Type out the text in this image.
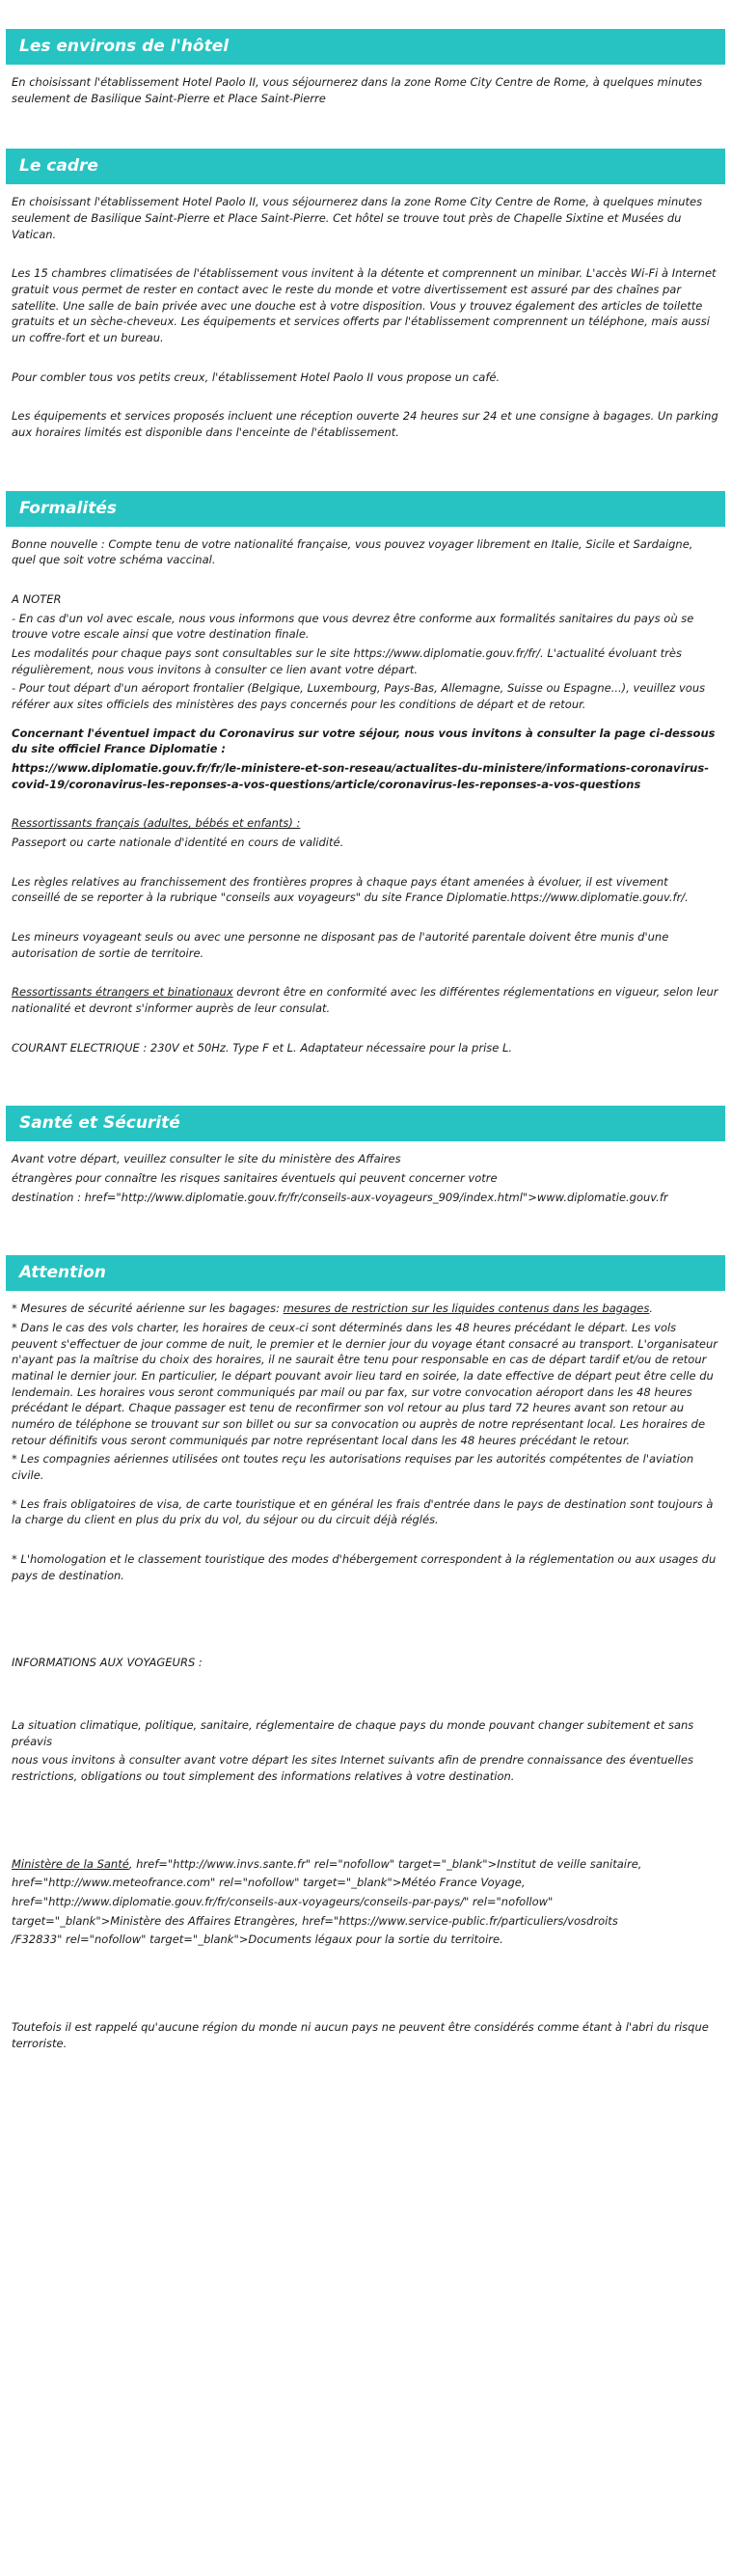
Les environs de l'hôtel

En choisissant l'établissement Hotel Paolo II, vous séjournerez dans la zone Rome City Centre de Rome, à quelques minutes seulement de Basilique Saint-Pierre et Place Saint-Pierre

Le cadre

En choisissant l'établissement Hotel Paolo II, vous séjournerez dans la zone Rome City Centre de Rome, à quelques minutes seulement de Basilique Saint-Pierre et Place Saint-Pierre. Cet hôtel se trouve tout près de Chapelle Sixtine et Musées du Vatican.

Les 15 chambres climatisées de l'établissement vous invitent à la détente et comprennent un minibar. L'accès Wi-Fi à Internet gratuit vous permet de rester en contact avec le reste du monde et votre divertissement est assuré par des chaînes par satellite. Une salle de bain privée avec une douche est à votre disposition. Vous y trouvez également des articles de toilette gratuits et un sèche-cheveux. Les équipements et services offerts par l'établissement comprennent un téléphone, mais aussi un coffre-fort et un bureau.

Pour combler tous vos petits creux, l'établissement Hotel Paolo II vous propose un café.

Les équipements et services proposés incluent une réception ouverte 24 heures sur 24 et une consigne à bagages. Un parking aux horaires limités est disponible dans l'enceinte de l'établissement.

Formalités

Bonne nouvelle : Compte tenu de votre nationalité française, vous pouvez voyager librement en Italie, Sicile et Sardaigne, quel que soit votre schéma vaccinal.

A NOTER

- En cas d'un vol avec escale, nous vous informons que vous devrez être conforme aux formalités sanitaires du pays où se trouve votre escale ainsi que votre destination finale.

Les modalités pour chaque pays sont consultables sur le site https://www.diplomatie.gouv.fr/fr/. L'actualité évoluant très régulièrement, nous vous invitons à consulter ce lien avant votre départ.

- Pour tout départ d'un aéroport frontalier (Belgique, Luxembourg, Pays-Bas, Allemagne, Suisse ou Espagne...), veuillez vous référer aux sites officiels des ministères des pays concernés pour les conditions de départ et de retour.

Concernant l'éventuel impact du Coronavirus sur votre séjour, nous vous invitons à consulter la page ci-dessous du site officiel France Diplomatie :

https://www.diplomatie.gouv.fr/fr/le-ministere-et-son-reseau/actualites-du-ministere/informations-coronavirus-covid-19/coronavirus-les-reponses-a-vos-questions/article/coronavirus-les-reponses-a-vos-questions

Ressortissants français (adultes, bébés et enfants) :

Passeport ou carte nationale d'identité en cours de validité.

Les règles relatives au franchissement des frontières propres à chaque pays étant amenées à évoluer, il est vivement conseillé de se reporter à la rubrique "conseils aux voyageurs" du site France Diplomatie.https://www.diplomatie.gouv.fr/.

Les mineurs voyageant seuls ou avec une personne ne disposant pas de l'autorité parentale doivent être munis d'une autorisation de sortie de territoire.

Ressortissants étrangers et binationaux devront être en conformité avec les différentes réglementations en vigueur, selon leur nationalité et devront s'informer auprès de leur consulat.

COURANT ELECTRIQUE : 230V et 50Hz. Type F et L. Adaptateur nécessaire pour la prise L.

Santé et Sécurité

Avant votre départ, veuillez consulter le site du ministère des Affaires

étrangères pour connaître les risques sanitaires éventuels qui peuvent concerner votre

destination : href="http://www.diplomatie.gouv.fr/fr/conseils-aux-voyageurs_909/index.html">www.diplomatie.gouv.fr

Attention

* Mesures de sécurité aérienne sur les bagages: mesures de restriction sur les liquides contenus dans les bagages.

* Dans le cas des vols charter, les horaires de ceux-ci sont déterminés dans les 48 heures précédant le départ. Les vols peuvent s'effectuer de jour comme de nuit, le premier et le dernier jour du voyage étant consacré au transport. L'organisateur n'ayant pas la maîtrise du choix des horaires, il ne saurait être tenu pour responsable en cas de départ tardif et/ou de retour matinal le dernier jour. En particulier, le départ pouvant avoir lieu tard en soirée, la date effective de départ peut être celle du lendemain. Les horaires vous seront communiqués par mail ou par fax, sur votre convocation aéroport dans les 48 heures précédant le départ. Chaque passager est tenu de reconfirmer son vol retour au plus tard 72 heures avant son retour au numéro de téléphone se trouvant sur son billet ou sur sa convocation ou auprès de notre représentant local. Les horaires de retour définitifs vous seront communiqués par notre représentant local dans les 48 heures précédant le retour.

* Les compagnies aériennes utilisées ont toutes reçu les autorisations requises par les autorités compétentes de l'aviation civile.

* Les frais obligatoires de visa, de carte touristique et en général les frais d'entrée dans le pays de destination sont toujours à la charge du client en plus du prix du vol, du séjour ou du circuit déjà réglés.

* L'homologation et le classement touristique des modes d'hébergement correspondent à la réglementation ou aux usages du pays de destination.

INFORMATIONS AUX VOYAGEURS :

La situation climatique, politique, sanitaire, réglementaire de chaque pays du monde pouvant changer subitement et sans préavis

nous vous invitons à consulter avant votre départ les sites Internet suivants afin de prendre connaissance des éventuelles restrictions, obligations ou tout simplement des informations relatives à votre destination.

Ministère de la Santé, href="http://www.invs.sante.fr" rel="nofollow" target="_blank">Institut de veille sanitaire,

href="http://www.meteofrance.com" rel="nofollow" target="_blank">Météo France Voyage,

href="http://www.diplomatie.gouv.fr/fr/conseils-aux-voyageurs/conseils-par-pays/" rel="nofollow"

target="_blank">Ministère des Affaires Etrangères, href="https://www.service-public.fr/particuliers/vosdroits

/F32833" rel="nofollow" target="_blank">Documents légaux pour la sortie du territoire.

Toutefois il est rappelé qu'aucune région du monde ni aucun pays ne peuvent être considérés comme étant à l'abri du risque terroriste.
